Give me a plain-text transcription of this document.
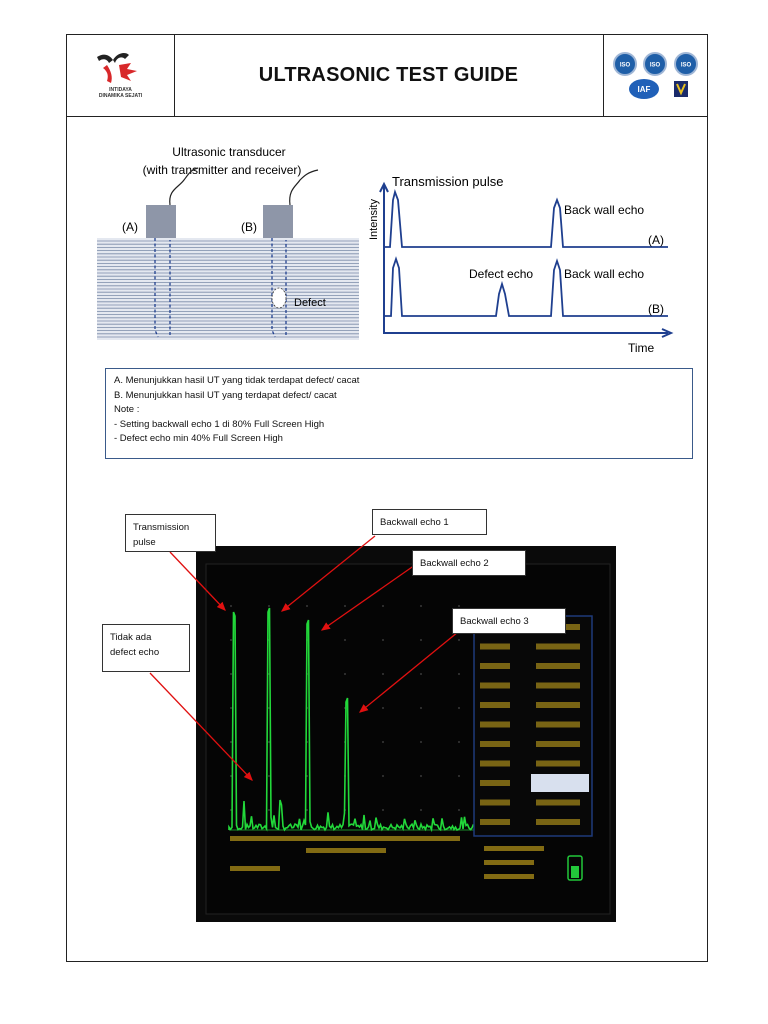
INTIDAYA
DINAMIKA SEJATI
ULTRASONIC TEST GUIDE	ISO	ISO	ISO
IAF
Ultrasonic transducer
(with transmitter and receiver)
(A)	(B)
Defect
Intensity
Time
Transmission pulse
Back wall echo
(A)
Defect echo	Back wall echo
(B)
A. Menunjukkan hasil UT yang tidak terdapat defect/ cacat
B. Menunjukkan hasil UT yang terdapat defect/ cacat
Note :
- Setting backwall echo 1 di 80% Full Screen High
- Defect echo min 40% Full Screen High
Transmission
pulse
Backwall echo 1
Backwall echo 2
Backwall echo 3
Tidak ada
defect echo
